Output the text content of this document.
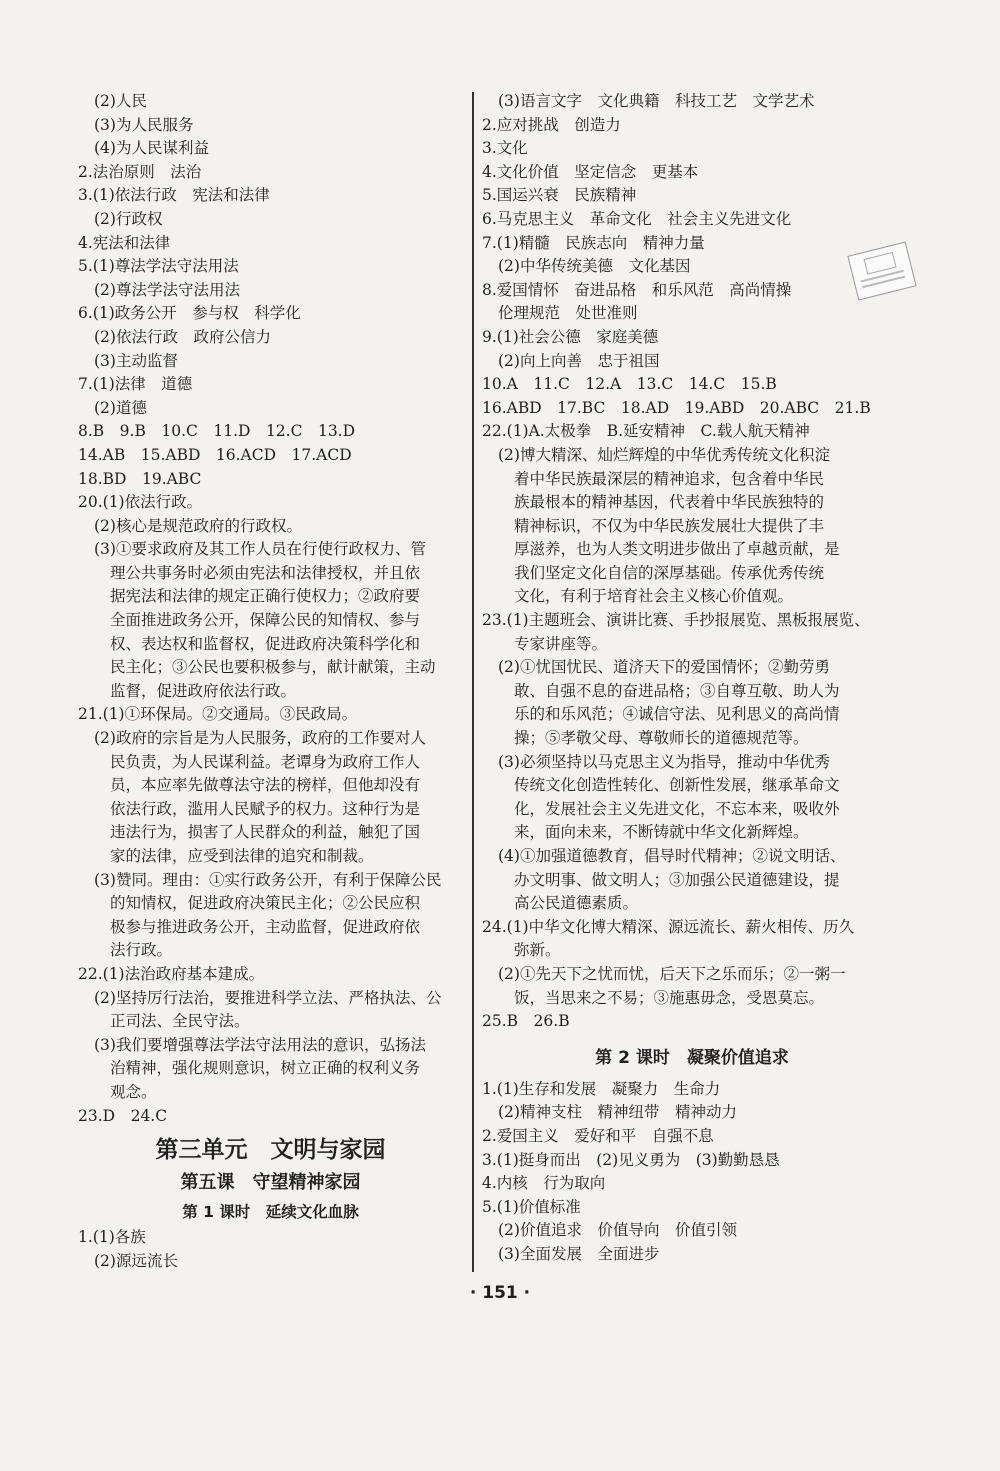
(2)人民
(3)为人民服务
(4)为人民谋利益
2.法治原则　法治
3.(1)依法行政　宪法和法律
(2)行政权
4.宪法和法律
5.(1)尊法学法守法用法
(2)尊法学法守法用法
6.(1)政务公开　参与权　科学化
(2)依法行政　政府公信力
(3)主动监督
7.(1)法律　道德
(2)道德
8.B　9.B　10.C　11.D　12.C　13.D
14.AB　15.ABD　16.ACD　17.ACD
18.BD　19.ABC
20.(1)依法行政。
(2)核心是规范政府的行政权。
(3)①要求政府及其工作人员在行使行政权力、管
理公共事务时必须由宪法和法律授权，并且依
据宪法和法律的规定正确行使权力；②政府要
全面推进政务公开，保障公民的知情权、参与
权、表达权和监督权，促进政府决策科学化和
民主化；③公民也要积极参与，献计献策，主动
监督，促进政府依法行政。
21.(1)①环保局。②交通局。③民政局。
(2)政府的宗旨是为人民服务，政府的工作要对人
民负责，为人民谋利益。老谭身为政府工作人
员，本应率先做尊法守法的榜样，但他却没有
依法行政，滥用人民赋予的权力。这种行为是
违法行为，损害了人民群众的利益，触犯了国
家的法律，应受到法律的追究和制裁。
(3)赞同。理由：①实行政务公开，有利于保障公民
的知情权，促进政府决策民主化；②公民应积
极参与推进政务公开，主动监督，促进政府依
法行政。
22.(1)法治政府基本建成。
(2)坚持厉行法治，要推进科学立法、严格执法、公
正司法、全民守法。
(3)我们要增强尊法学法守法用法的意识，弘扬法
治精神，强化规则意识，树立正确的权利义务
观念。
23.D　24.C
第三单元　文明与家园
第五课　守望精神家园
第 1 课时　延续文化血脉
1.(1)各族
(2)源远流长
(3)语言文字　文化典籍　科技工艺　文学艺术
2.应对挑战　创造力
3.文化
4.文化价值　坚定信念　更基本
5.国运兴衰　民族精神
6.马克思主义　革命文化　社会主义先进文化
7.(1)精髓　民族志向　精神力量
(2)中华传统美德　文化基因
8.爱国情怀　奋进品格　和乐风范　高尚情操
伦理规范　处世准则
9.(1)社会公德　家庭美德
(2)向上向善　忠于祖国
10.A　11.C　12.A　13.C　14.C　15.B
16.ABD　17.BC　18.AD　19.ABD　20.ABC　21.B
22.(1)A.太极拳　B.延安精神　C.载人航天精神
(2)博大精深、灿烂辉煌的中华优秀传统文化积淀
着中华民族最深层的精神追求，包含着中华民
族最根本的精神基因，代表着中华民族独特的
精神标识，不仅为中华民族发展壮大提供了丰
厚滋养，也为人类文明进步做出了卓越贡献，是
我们坚定文化自信的深厚基础。传承优秀传统
文化，有利于培育社会主义核心价值观。
23.(1)主题班会、演讲比赛、手抄报展览、黑板报展览、
专家讲座等。
(2)①忧国忧民、道济天下的爱国情怀；②勤劳勇
敢、自强不息的奋进品格；③自尊互敬、助人为
乐的和乐风范；④诚信守法、见利思义的高尚情
操；⑤孝敬父母、尊敬师长的道德规范等。
(3)必须坚持以马克思主义为指导，推动中华优秀
传统文化创造性转化、创新性发展，继承革命文
化，发展社会主义先进文化，不忘本来，吸收外
来，面向未来，不断铸就中华文化新辉煌。
(4)①加强道德教育，倡导时代精神；②说文明话、
办文明事、做文明人；③加强公民道德建设，提
高公民道德素质。
24.(1)中华文化博大精深、源远流长、薪火相传、历久
弥新。
(2)①先天下之忧而忧，后天下之乐而乐；②一粥一
饭，当思来之不易；③施惠毋念，受恩莫忘。
25.B　26.B
第 2 课时　凝聚价值追求
1.(1)生存和发展　凝聚力　生命力
(2)精神支柱　精神纽带　精神动力
2.爱国主义　爱好和平　自强不息
3.(1)挺身而出　(2)见义勇为　(3)勤勤恳恳
4.内核　行为取向
5.(1)价值标准
(2)价值追求　价值导向　价值引领
(3)全面发展　全面进步
· 151 ·
